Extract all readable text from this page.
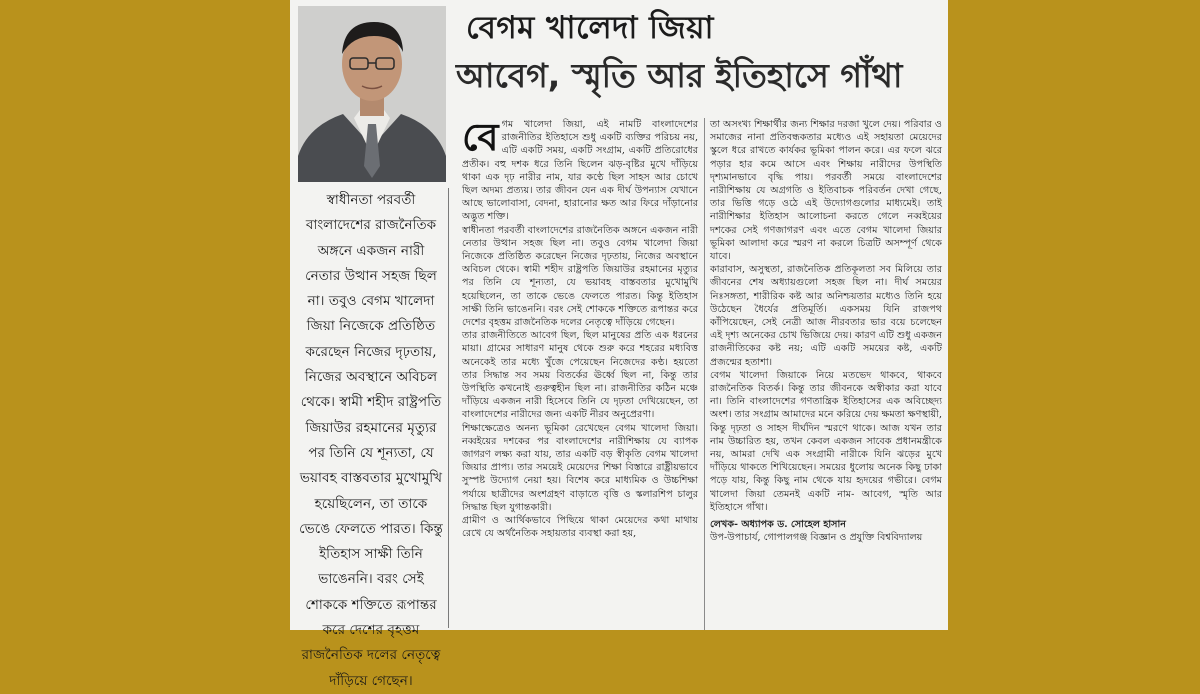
বেগম খালেদা জিয়া
আবেগ, স্মৃতি আর ইতিহাসে গাঁথা

স্বাধীনতা পরবর্তী বাংলাদেশের রাজনৈতিক অঙ্গনে একজন নারী নেতার উত্থান সহজ ছিল না। তবুও বেগম খালেদা জিয়া নিজেকে প্রতিষ্ঠিত করেছেন নিজের দৃঢ়তায়, নিজের অবস্থানে অবিচল থেকে। স্বামী শহীদ রাষ্ট্রপতি জিয়াউর রহমানের মৃত্যুর পর তিনি যে শূন্যতা, যে ভয়াবহ বাস্তবতার মুখোমুখি হয়েছিলেন, তা তাকে ভেঙে ফেলতে পারত। কিন্তু ইতিহাস সাক্ষী তিনি ভাঙেননি। বরং সেই শোককে শক্তিতে রূপান্তর করে দেশের বৃহত্তম রাজনৈতিক দলের নেতৃত্বে দাঁড়িয়ে গেছেন।

বেগম খালেদা জিয়া, এই নামটি বাংলাদেশের রাজনীতির ইতিহাসে শুধু একটি ব্যক্তির পরিচয় নয়, এটি একটি সময়, একটি সংগ্রাম, একটি প্রতিরোধের প্রতীক। বহু দশক ধরে তিনি ছিলেন ঝড়-বৃষ্টির মুখে দাঁড়িয়ে থাকা এক দৃঢ় নারীর নাম, যার কণ্ঠে ছিল সাহস আর চোখে ছিল অদম্য প্রত্যয়। তার জীবন যেন এক দীর্ঘ উপন্যাস যেখানে আছে ভালোবাসা, বেদনা, হারানোর ক্ষত আর ফিরে দাঁড়ানোর অদ্ভুত শক্তি।

স্বাধীনতা পরবর্তী বাংলাদেশের রাজনৈতিক অঙ্গনে একজন নারী নেতার উত্থান সহজ ছিল না। তবুও বেগম খালেদা জিয়া নিজেকে প্রতিষ্ঠিত করেছেন নিজের দৃঢ়তায়, নিজের অবস্থানে অবিচল থেকে। স্বামী শহীদ রাষ্ট্রপতি জিয়াউর রহমানের মৃত্যুর পর তিনি যে শূন্যতা, যে ভয়াবহ বাস্তবতার মুখোমুখি হয়েছিলেন, তা তাকে ভেঙে ফেলতে পারত। কিন্তু ইতিহাস সাক্ষী তিনি ভাঙেননি। বরং সেই শোককে শক্তিতে রূপান্তর করে দেশের বৃহত্তম রাজনৈতিক দলের নেতৃত্বে দাঁড়িয়ে গেছেন।

তার রাজনীতিতে আবেগ ছিল, ছিল মানুষের প্রতি এক ধরনের মায়া। গ্রামের সাধারণ মানুষ থেকে শুরু করে শহরের মধ্যবিত্ত অনেকেই তার মধ্যে খুঁজে পেয়েছেন নিজেদের কণ্ঠ। হয়তো তার সিদ্ধান্ত সব সময় বিতর্কের ঊর্ধ্বে ছিল না, কিন্তু তার উপস্থিতি কখনোই গুরুত্বহীন ছিল না। রাজনীতির কঠিন মঞ্চে দাঁড়িয়ে একজন নারী হিসেবে তিনি যে দৃঢ়তা দেখিয়েছেন, তা বাংলাদেশের নারীদের জন্য একটি নীরব অনুপ্রেরণা।

শিক্ষাক্ষেত্রেও অনন্য ভূমিকা রেখেছেন বেগম খালেদা জিয়া। নব্বইয়ের দশকের পর বাংলাদেশের নারীশিক্ষায় যে ব্যাপক জাগরণ লক্ষ্য করা যায়, তার একটি বড় স্বীকৃতি বেগম খালেদা জিয়ার প্রাপ্য। তার সময়েই মেয়েদের শিক্ষা বিস্তারে রাষ্ট্রীয়ভাবে সুস্পষ্ট উদ্যোগ নেয়া হয়। বিশেষ করে মাধ্যমিক ও উচ্চশিক্ষা পর্যায়ে ছাত্রীদের অংশগ্রহণ বাড়াতে বৃত্তি ও স্কলারশিপ চালুর সিদ্ধান্ত ছিল যুগান্তকারী।

গ্রামীণ ও আর্থিকভাবে পিছিয়ে থাকা মেয়েদের কথা মাথায় রেখে যে অর্থনৈতিক সহায়তার ব্যবস্থা করা হয়,

তা অসংখ্য শিক্ষার্থীর জন্য শিক্ষার দরজা খুলে দেয়। পরিবার ও সমাজের নানা প্রতিবন্ধকতার মধ্যেও এই সহায়তা মেয়েদের স্কুলে ধরে রাখতে কার্যকর ভূমিকা পালন করে। এর ফলে ঝরে পড়ার হার কমে আসে এবং শিক্ষায় নারীদের উপস্থিতি দৃশ্যমানভাবে বৃদ্ধি পায়। পরবর্তী সময়ে বাংলাদেশের নারীশিক্ষায় যে অগ্রগতি ও ইতিবাচক পরিবর্তন দেখা গেছে, তার ভিত্তি গড়ে ওঠে এই উদ্যোগগুলোর মাধ্যমেই। তাই নারীশিক্ষার ইতিহাস আলোচনা করতে গেলে নব্বইয়ের দশকের সেই গণজাগরণ এবং এতে বেগম খালেদা জিয়ার ভূমিকা আলাদা করে স্মরণ না করলে চিত্রটি অসম্পূর্ণ থেকে যাবে।

কারাবাস, অসুস্থতা, রাজনৈতিক প্রতিকূলতা সব মিলিয়ে তার জীবনের শেষ অধ্যায়গুলো সহজ ছিল না। দীর্ঘ সময়ের নিঃসঙ্গতা, শারীরিক কষ্ট আর অনিশ্চয়তার মধ্যেও তিনি হয়ে উঠেছেন ধৈর্যের প্রতিমূর্তি। একসময় যিনি রাজপথ কাঁপিয়েছেন, সেই নেত্রী আজ নীরবতার ভার বয়ে চলেছেন এই দৃশ্য অনেকের চোখ ভিজিয়ে দেয়। কারণ এটি শুধু একজন রাজনীতিকের কষ্ট নয়; এটি একটি সময়ের কষ্ট, একটি প্রজন্মের হতাশা।

বেগম খালেদা জিয়াকে নিয়ে মতভেদ থাকবে, থাকবে রাজনৈতিক বিতর্ক। কিন্তু তার জীবনকে অস্বীকার করা যাবে না। তিনি বাংলাদেশের গণতান্ত্রিক ইতিহাসের এক অবিচ্ছেদ্য অংশ। তার সংগ্রাম আমাদের মনে করিয়ে দেয় ক্ষমতা ক্ষণস্থায়ী, কিন্তু দৃঢ়তা ও সাহস দীর্ঘদিন স্মরণে থাকে। আজ যখন তার নাম উচ্চারিত হয়, তখন কেবল একজন সাবেক প্রধানমন্ত্রীকে নয়, আমরা দেখি এক সংগ্রামী নারীকে যিনি ঝড়ের মুখে দাঁড়িয়ে থাকতে শিখিয়েছেন। সময়ের ধুলোয় অনেক কিছু ঢাকা পড়ে যায়, কিন্তু কিছু নাম থেকে যায় হৃদয়ের গভীরে। বেগম খালেদা জিয়া তেমনই একটি নাম- আবেগ, স্মৃতি আর ইতিহাসে গাঁথা।

লেখক- অধ্যাপক ড. সোহেল হাসান

উপ-উপাচার্য, গোপালগঞ্জ বিজ্ঞান ও প্রযুক্তি বিশ্ববিদ্যালয়
